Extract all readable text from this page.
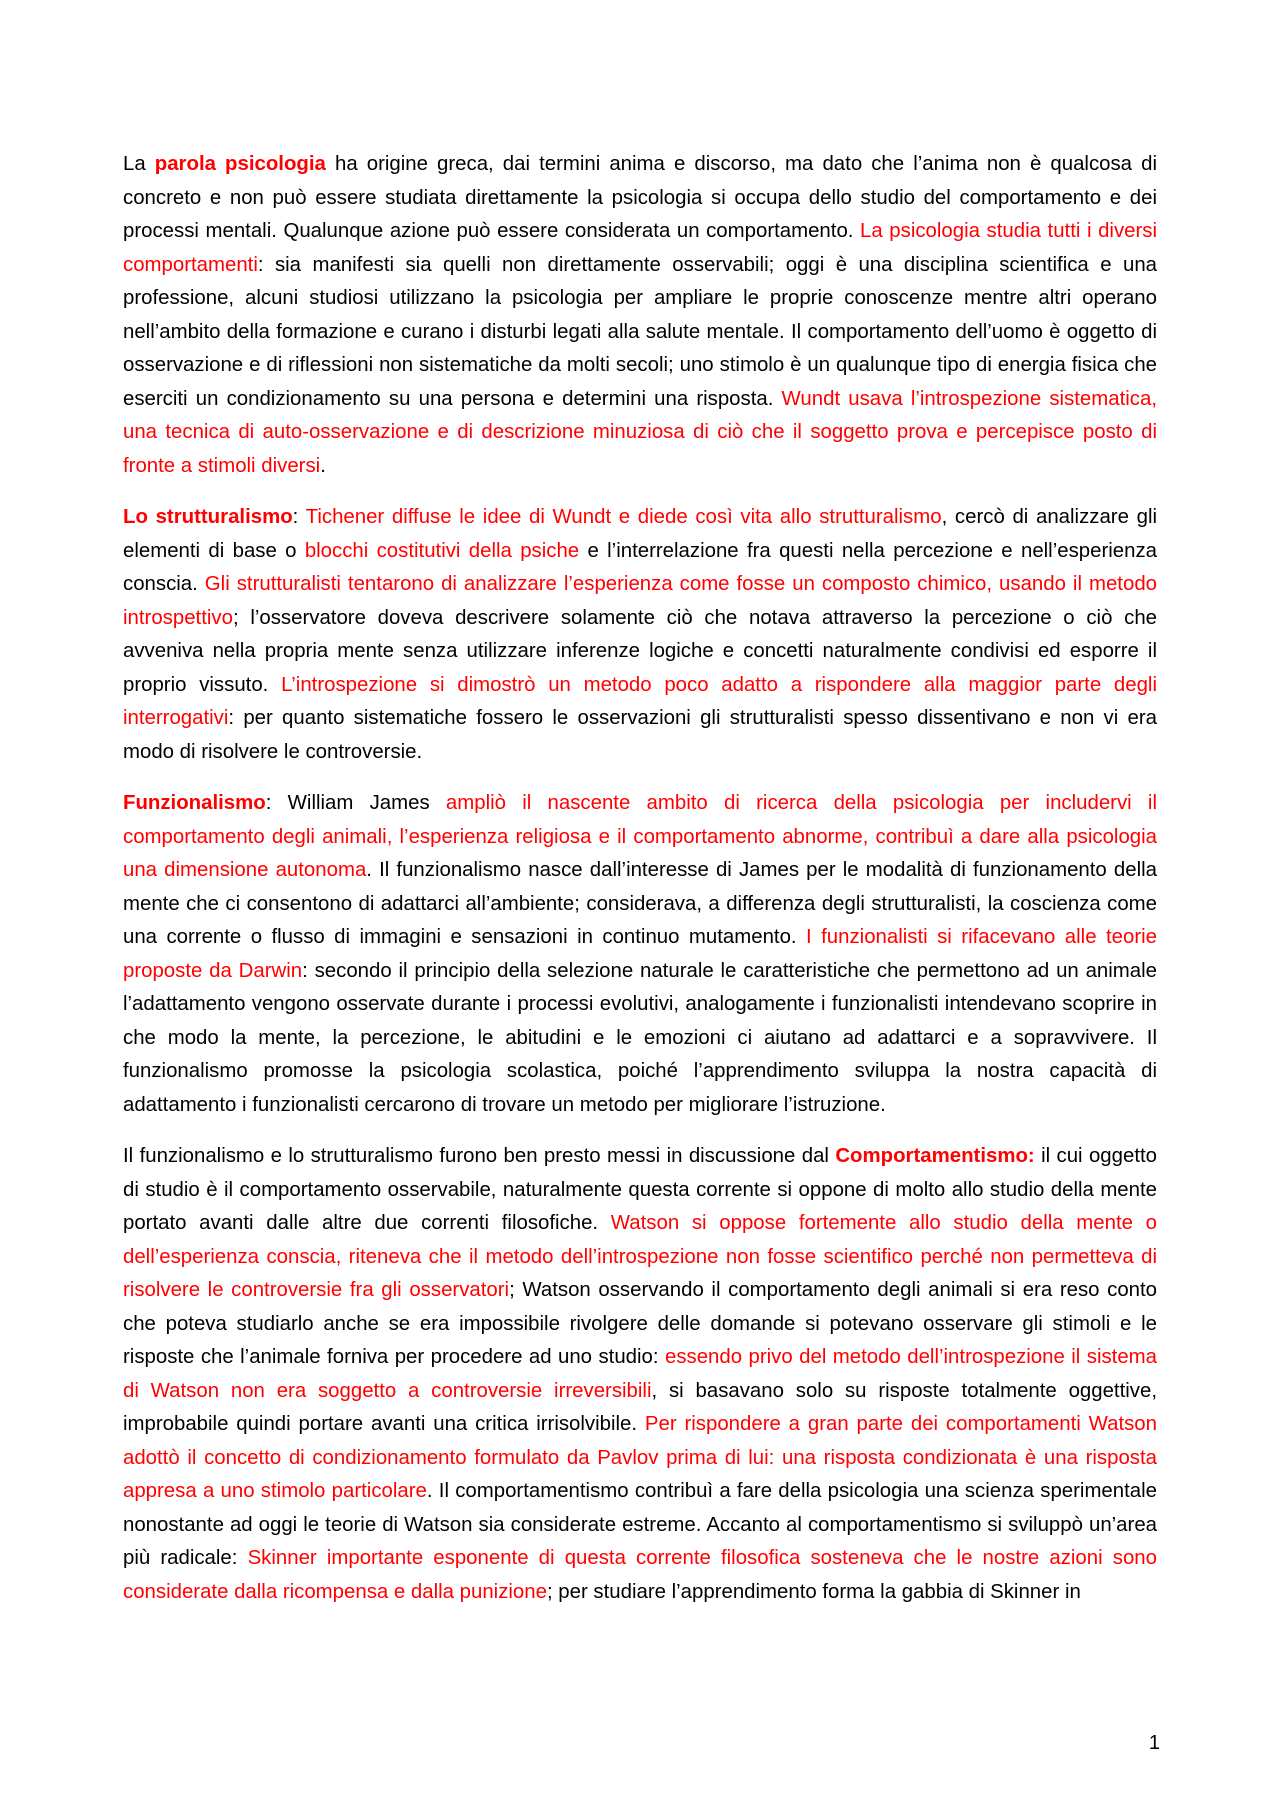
La parola psicologia ha origine greca, dai termini anima e discorso, ma dato che l’anima non è qualcosa di concreto e non può essere studiata direttamente la psicologia si occupa dello studio del comportamento e dei processi mentali. Qualunque azione può essere considerata un comportamento. La psicologia studia tutti i diversi comportamenti: sia manifesti sia quelli non direttamente osservabili; oggi è una disciplina scientifica e una professione, alcuni studiosi utilizzano la psicologia per ampliare le proprie conoscenze mentre altri operano nell’ambito della formazione e curano i disturbi legati alla salute mentale. Il comportamento dell’uomo è oggetto di osservazione e di riflessioni non sistematiche da molti secoli; uno stimolo è un qualunque tipo di energia fisica che eserciti un condizionamento su una persona e determini una risposta. Wundt usava l’introspezione sistematica, una tecnica di auto-osservazione e di descrizione minuziosa di ciò che il soggetto prova e percepisce posto di fronte a stimoli diversi.

Lo strutturalismo: Tichener diffuse le idee di Wundt e diede così vita allo strutturalismo, cercò di analizzare gli elementi di base o blocchi costitutivi della psiche e l’interrelazione fra questi nella percezione e nell’esperienza conscia. Gli strutturalisti tentarono di analizzare l’esperienza come fosse un composto chimico, usando il metodo introspettivo; l’osservatore doveva descrivere solamente ciò che notava attraverso la percezione o ciò che avveniva nella propria mente senza utilizzare inferenze logiche e concetti naturalmente condivisi ed esporre il proprio vissuto. L’introspezione si dimostrò un metodo poco adatto a rispondere alla maggior parte degli interrogativi: per quanto sistematiche fossero le osservazioni gli strutturalisti spesso dissentivano e non vi era modo di risolvere le controversie.

Funzionalismo: William James ampliò il nascente ambito di ricerca della psicologia per includervi il comportamento degli animali, l’esperienza religiosa e il comportamento abnorme, contribuì a dare alla psicologia una dimensione autonoma. Il funzionalismo nasce dall’interesse di James per le modalità di funzionamento della mente che ci consentono di adattarci all’ambiente; considerava, a differenza degli strutturalisti, la coscienza come una corrente o flusso di immagini e sensazioni in continuo mutamento. I funzionalisti si rifacevano alle teorie proposte da Darwin: secondo il principio della selezione naturale le caratteristiche che permettono ad un animale l’adattamento vengono osservate durante i processi evolutivi, analogamente i funzionalisti intendevano scoprire in che modo la mente, la percezione, le abitudini e le emozioni ci aiutano ad adattarci e a sopravvivere. Il funzionalismo promosse la psicologia scolastica, poiché l’apprendimento sviluppa la nostra capacità di adattamento i funzionalisti cercarono di trovare un metodo per migliorare l’istruzione.

Il funzionalismo e lo strutturalismo furono ben presto messi in discussione dal Comportamentismo: il cui oggetto di studio è il comportamento osservabile, naturalmente questa corrente si oppone di molto allo studio della mente portato avanti dalle altre due correnti filosofiche. Watson si oppose fortemente allo studio della mente o dell’esperienza conscia, riteneva che il metodo dell’introspezione non fosse scientifico perché non permetteva di risolvere le controversie fra gli osservatori; Watson osservando il comportamento degli animali si era reso conto che poteva studiarlo anche se era impossibile rivolgere delle domande si potevano osservare gli stimoli e le risposte che l’animale forniva per procedere ad uno studio: essendo privo del metodo dell’introspezione il sistema di Watson non era soggetto a controversie irreversibili, si basavano solo su risposte totalmente oggettive, improbabile quindi portare avanti una critica irrisolvibile. Per rispondere a gran parte dei comportamenti Watson adottò il concetto di condizionamento formulato da Pavlov prima di lui: una risposta condizionata è una risposta appresa a uno stimolo particolare. Il comportamentismo contribuì a fare della psicologia una scienza sperimentale nonostante ad oggi le teorie di Watson sia considerate estreme. Accanto al comportamentismo si sviluppò un’area più radicale: Skinner importante esponente di questa corrente filosofica sosteneva che le nostre azioni sono considerate dalla ricompensa e dalla punizione; per studiare l’apprendimento forma la gabbia di Skinner in

1
